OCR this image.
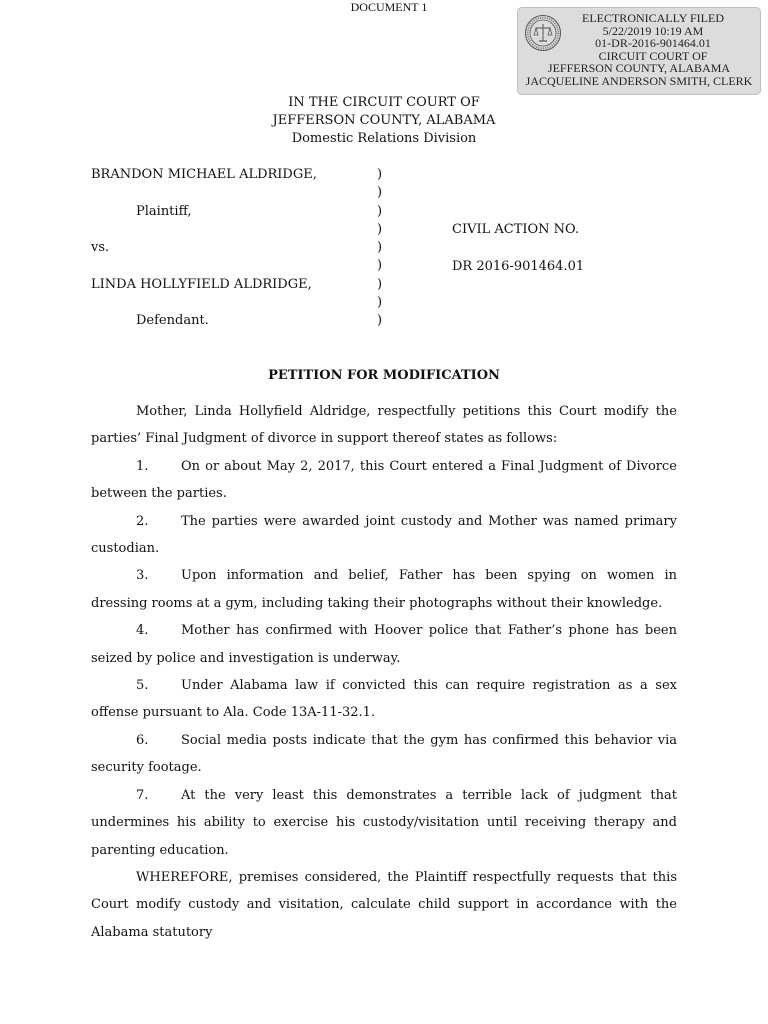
DOCUMENT 1
ELECTRONICALLY FILED
5/22/2019 10:19 AM
01-DR-2016-901464.01
CIRCUIT COURT OF
JEFFERSON COUNTY, ALABAMA
JACQUELINE ANDERSON SMITH, CLERK
IN THE CIRCUIT COURT OF
JEFFERSON COUNTY, ALABAMA
Domestic Relations Division
BRANDON MICHAEL ALDRIDGE,
Plaintiff,
vs.
LINDA HOLLYFIELD ALDRIDGE,
Defendant.
)
)
)
)
)
)
)
)
)
CIVIL ACTION NO.
DR 2016-901464.01
PETITION FOR MODIFICATION

Mother, Linda Hollyfield Aldridge, respectfully petitions this Court modify the parties’ Final Judgment of divorce in support thereof states as follows:

1.	On or about May 2, 2017, this Court entered a Final Judgment of Divorce between the parties.

2.	The parties were awarded joint custody and Mother was named primary custodian.

3.	Upon information and belief, Father has been spying on women in dressing rooms at a gym, including taking their photographs without their knowledge.

4.	Mother has confirmed with Hoover police that Father’s phone has been seized by police and investigation is underway.

5.	Under Alabama law if convicted this can require registration as a sex offense pursuant to Ala. Code 13A-11-32.1.

6.	Social media posts indicate that the gym has confirmed this behavior via security footage.

7.	At the very least this demonstrates a terrible lack of judgment that undermines his ability to exercise his custody/visitation until receiving therapy and parenting education.

WHEREFORE, premises considered, the Plaintiff respectfully requests that this Court modify custody and visitation, calculate child support in accordance with the Alabama statutory
